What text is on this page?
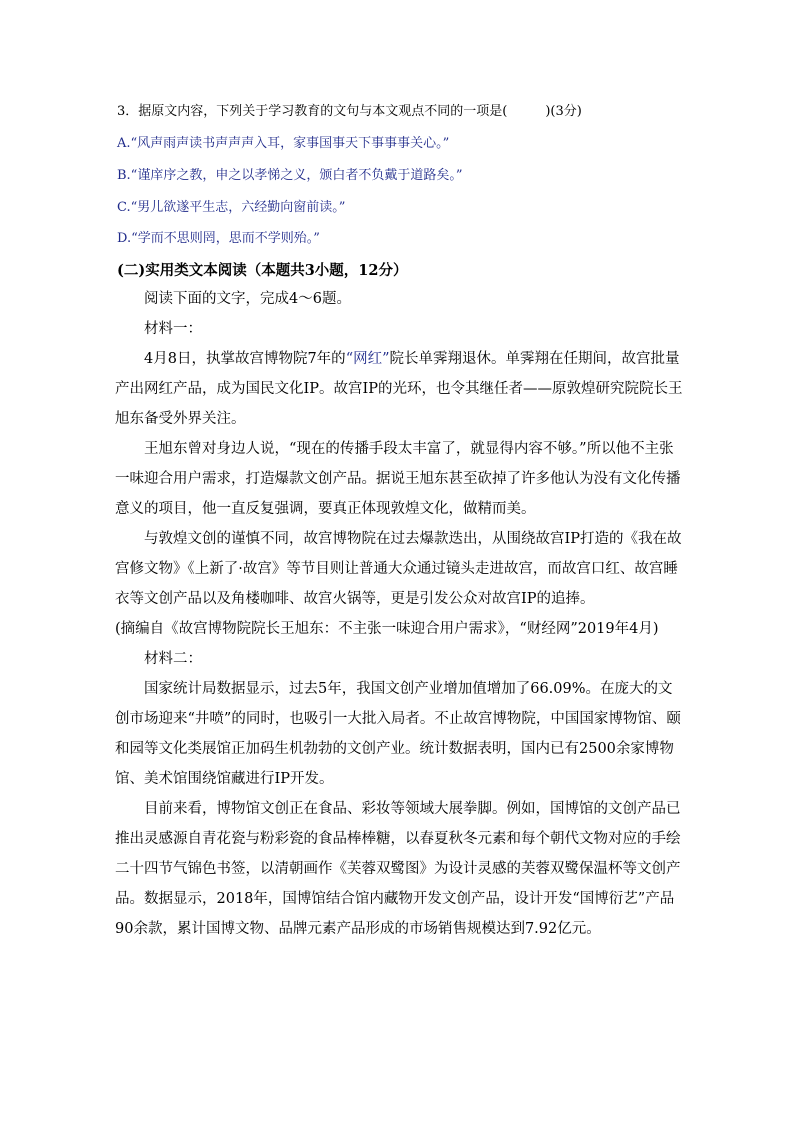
3．据原文内容，下列关于学习教育的文句与本文观点不同的一项是(	)(3分)
A.“风声雨声读书声声声入耳，家事国事天下事事事关心。”
B.“谨庠序之教，申之以孝悌之义，颁白者不负戴于道路矣。”
C.“男儿欲遂平生志，六经勤向窗前读。”
D.“学而不思则罔，思而不学则殆。”
(二)实用类文本阅读（本题共3小题，12分）

阅读下面的文字，完成4～6题。

材料一：

4月8日，执掌故宫博物院7年的“网红”院长单霁翔退休。单霁翔在任期间，故宫批量产出网红产品，成为国民文化IP。故宫IP的光环，也令其继任者——原敦煌研究院院长王旭东备受外界关注。

王旭东曾对身边人说，“现在的传播手段太丰富了，就显得内容不够。”所以他不主张一味迎合用户需求，打造爆款文创产品。据说王旭东甚至砍掉了许多他认为没有文化传播意义的项目，他一直反复强调，要真正体现敦煌文化，做精而美。

与敦煌文创的谨慎不同，故宫博物院在过去爆款迭出，从围绕故宫IP打造的《我在故宫修文物》《上新了·故宫》等节目则让普通大众通过镜头走进故宫，而故宫口红、故宫睡衣等文创产品以及角楼咖啡、故宫火锅等，更是引发公众对故宫IP的追捧。

(摘编自《故宫博物院院长王旭东：不主张一味迎合用户需求》，“财经网”2019年4月)

材料二：

国家统计局数据显示，过去5年，我国文创产业增加值增加了66.09%。在庞大的文创市场迎来“井喷”的同时，也吸引一大批入局者。不止故宫博物院，中国国家博物馆、颐和园等文化类展馆正加码生机勃勃的文创产业。统计数据表明，国内已有2500余家博物馆、美术馆围绕馆藏进行IP开发。

目前来看，博物馆文创正在食品、彩妆等领域大展拳脚。例如，国博馆的文创产品已推出灵感源自青花瓷与粉彩瓷的食品棒棒糖，以春夏秋冬元素和每个朝代文物对应的手绘二十四节气锦色书签，以清朝画作《芙蓉双鹭图》为设计灵感的芙蓉双鹭保温杯等文创产品。数据显示，2018年，国博馆结合馆内藏物开发文创产品，设计开发“国博衍艺”产品90余款，累计国博文物、品牌元素产品形成的市场销售规模达到7.92亿元。
